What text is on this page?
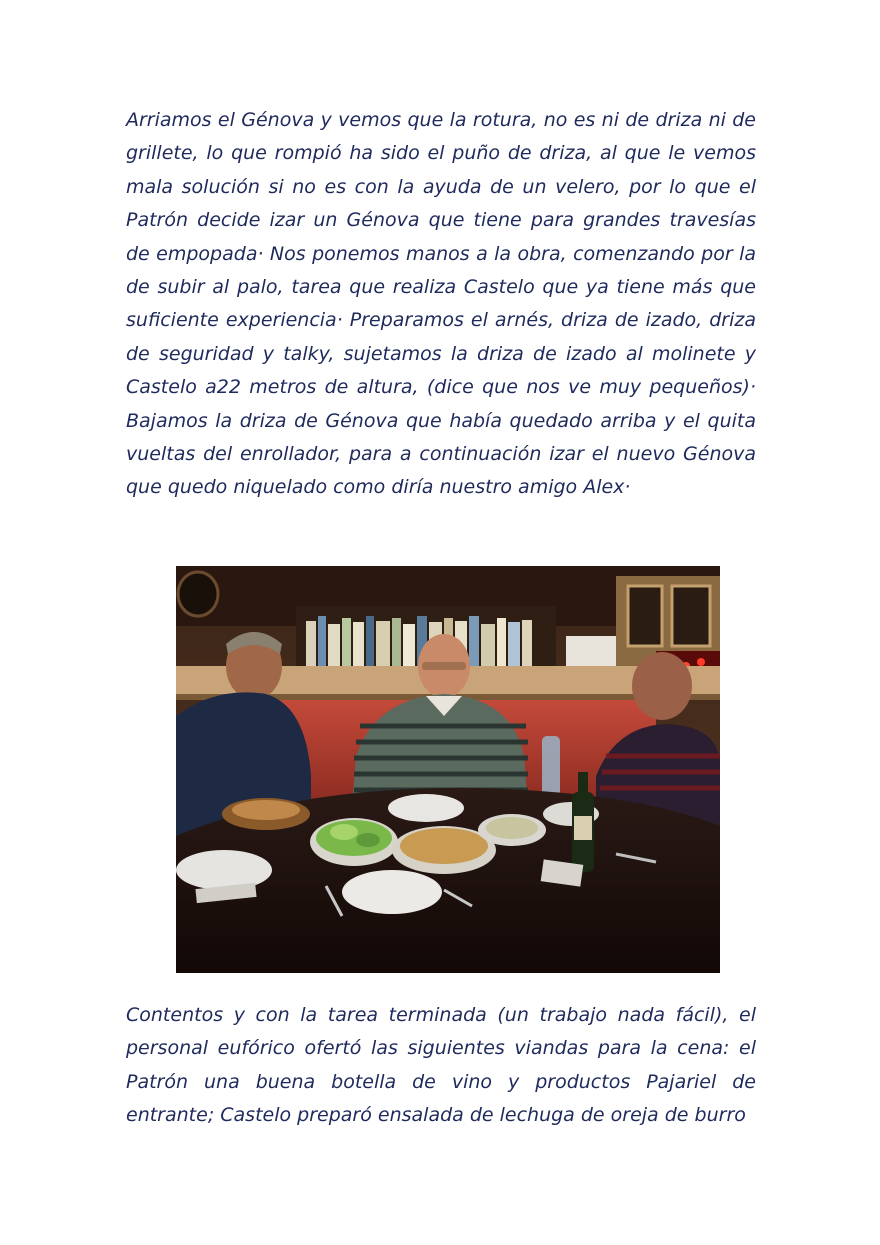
Arriamos el Génova y vemos que la rotura, no es ni de driza ni de grillete, lo que rompió ha sido el puño de driza, al que le vemos mala solución si no es con la ayuda de un velero, por lo que el Patrón decide izar un Génova que tiene para grandes travesías de empopada· Nos ponemos manos a la obra, comenzando por la de subir al palo, tarea que realiza Castelo que ya tiene más que suficiente experiencia· Preparamos el arnés, driza de izado, driza de seguridad y talky, sujetamos la driza de izado al molinete y Castelo a22 metros de altura, (dice que nos ve muy pequeños)· Bajamos la driza de Génova que había quedado arriba y el quita vueltas del enrollador, para a continuación izar el nuevo Génova que quedo niquelado como diría nuestro amigo Alex·

Contentos y con la tarea terminada (un trabajo nada fácil), el personal eufórico ofertó las siguientes viandas para la cena: el Patrón una buena botella de vino y productos Pajariel de entrante; Castelo preparó ensalada de lechuga de oreja de burro
